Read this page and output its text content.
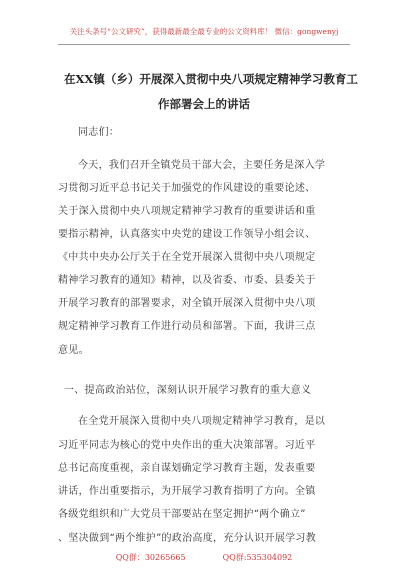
关注头条号“公文研究”，获得最新最全最专业的公文资料库！ 微信：gongwenyj
在XX镇（乡）开展深入贯彻中央八项规定精神学习教育工
作部署会上的讲话
同志们：
今天，我们召开全镇党员干部大会，主要任务是深入学
习贯彻习近平总书记关于加强党的作风建设的重要论述、
关于深入贯彻中央八项规定精神学习教育的重要讲话和重
要指示精神，认真落实中央党的建设工作领导小组会议、
《中共中央办公厅关于在全党开展深入贯彻中央八项规定
精神学习教育的通知》精神，以及省委、市委、县委关于
开展学习教育的部署要求，对全镇开展深入贯彻中央八项
规定精神学习教育工作进行动员和部署。下面，我讲三点
意见。
一、提高政治站位，深刻认识开展学习教育的重大意义
在全党开展深入贯彻中央八项规定精神学习教育，是以
习近平同志为核心的党中央作出的重大决策部署。习近平
总书记高度重视，亲自谋划确定学习教育主题，发表重要
讲话，作出重要指示，为开展学习教育指明了方向。全镇
各级党组织和广大党员干部要站在坚定拥护“两个确立”
、坚决做到“两个维护”的政治高度，充分认识开展学习教
QQ群：30265665	QQ群:535304092
